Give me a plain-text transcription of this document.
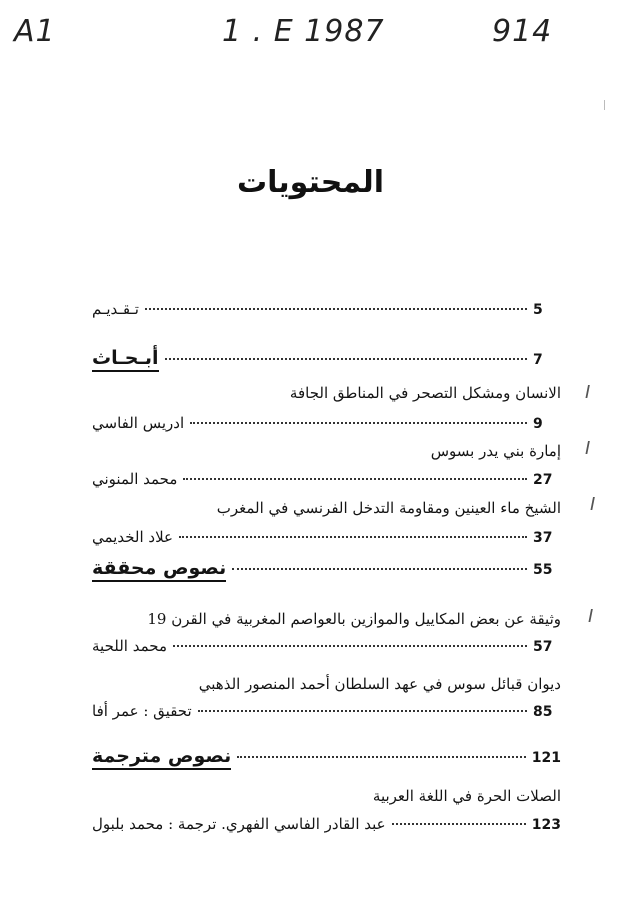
A1	1 . E 1987	914
المحتويات
تـقـديـم	5
أبـحـاث	7
I
الانسان ومشكل التصحر في المناطق الجافة
ادريس الفاسي	9
I
إمارة بني يدر بسوس
محمد المنوني	27
I
الشيخ ماء العينين ومقاومة التدخل الفرنسي في المغرب
علاد الخديمي	37
نصوص محققة	55
I
وثيقة عن بعض المكاييل والموازين بالعواصم المغربية في القرن 19
محمد اللحية	57
ديوان قبائل سوس في عهد السلطان أحمد المنصور الذهبي
تحقيق : عمر أفا	85
نصوص مترجمة	121
الصلات الحرة في اللغة العربية
عبد القادر الفاسي الفهري. ترجمة : محمد بلبول	123
